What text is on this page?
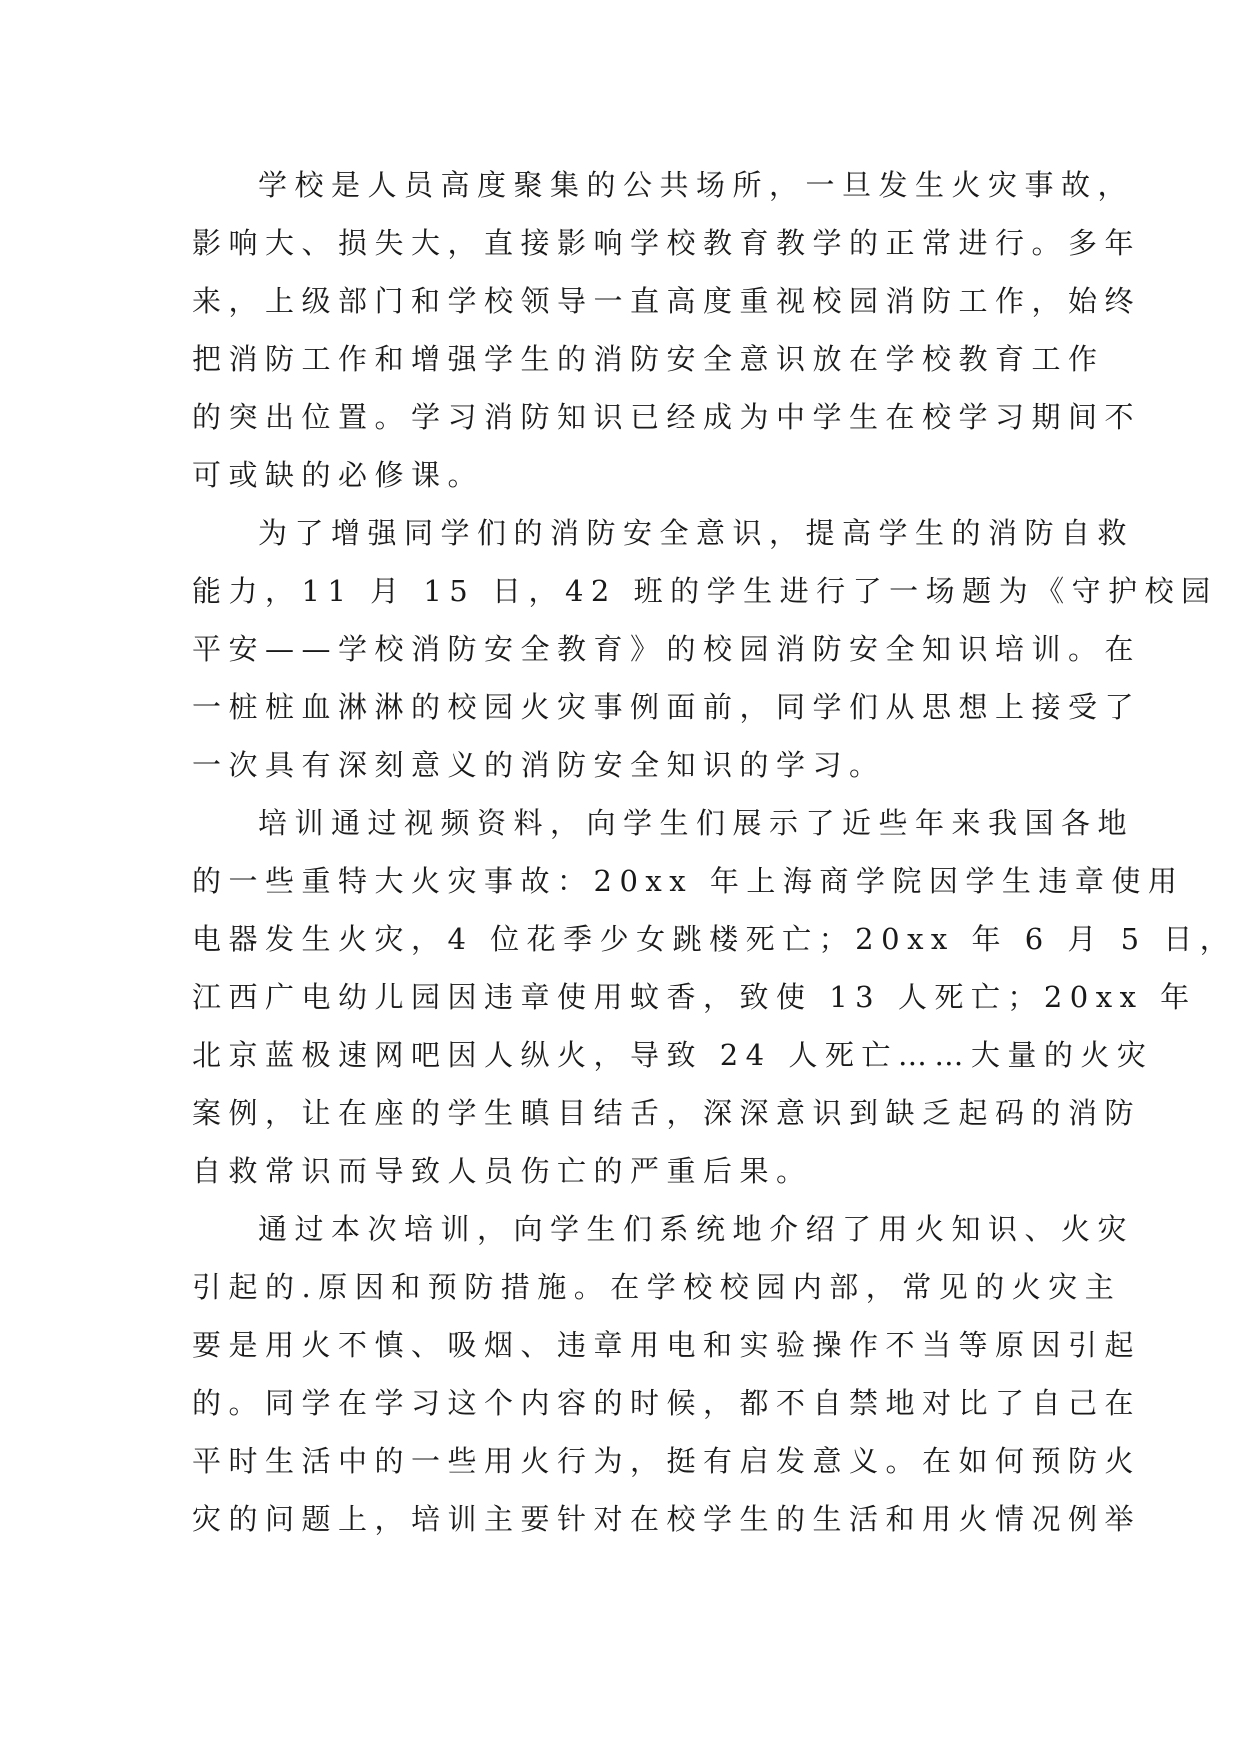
学校是人员高度聚集的公共场所，一旦发生火灾事故，
影响大、损失大，直接影响学校教育教学的正常进行。多年
来，上级部门和学校领导一直高度重视校园消防工作，始终
把消防工作和增强学生的消防安全意识放在学校教育工作
的突出位置。学习消防知识已经成为中学生在校学习期间不
可或缺的必修课。

为了增强同学们的消防安全意识，提高学生的消防自救
能力，11 月 15 日，42 班的学生进行了一场题为《守护校园
平安——学校消防安全教育》的校园消防安全知识培训。在
一桩桩血淋淋的校园火灾事例面前，同学们从思想上接受了
一次具有深刻意义的消防安全知识的学习。

培训通过视频资料，向学生们展示了近些年来我国各地
的一些重特大火灾事故：20xx 年上海商学院因学生违章使用
电器发生火灾，4 位花季少女跳楼死亡；20xx 年 6 月 5 日，
江西广电幼儿园因违章使用蚊香，致使 13 人死亡；20xx 年
北京蓝极速网吧因人纵火，导致 24 人死亡……大量的火灾
案例，让在座的学生瞋目结舌，深深意识到缺乏起码的消防
自救常识而导致人员伤亡的严重后果。

通过本次培训，向学生们系统地介绍了用火知识、火灾
引起的.原因和预防措施。在学校校园内部，常见的火灾主
要是用火不慎、吸烟、违章用电和实验操作不当等原因引起
的。同学在学习这个内容的时候，都不自禁地对比了自己在
平时生活中的一些用火行为，挺有启发意义。在如何预防火
灾的问题上，培训主要针对在校学生的生活和用火情况例举
